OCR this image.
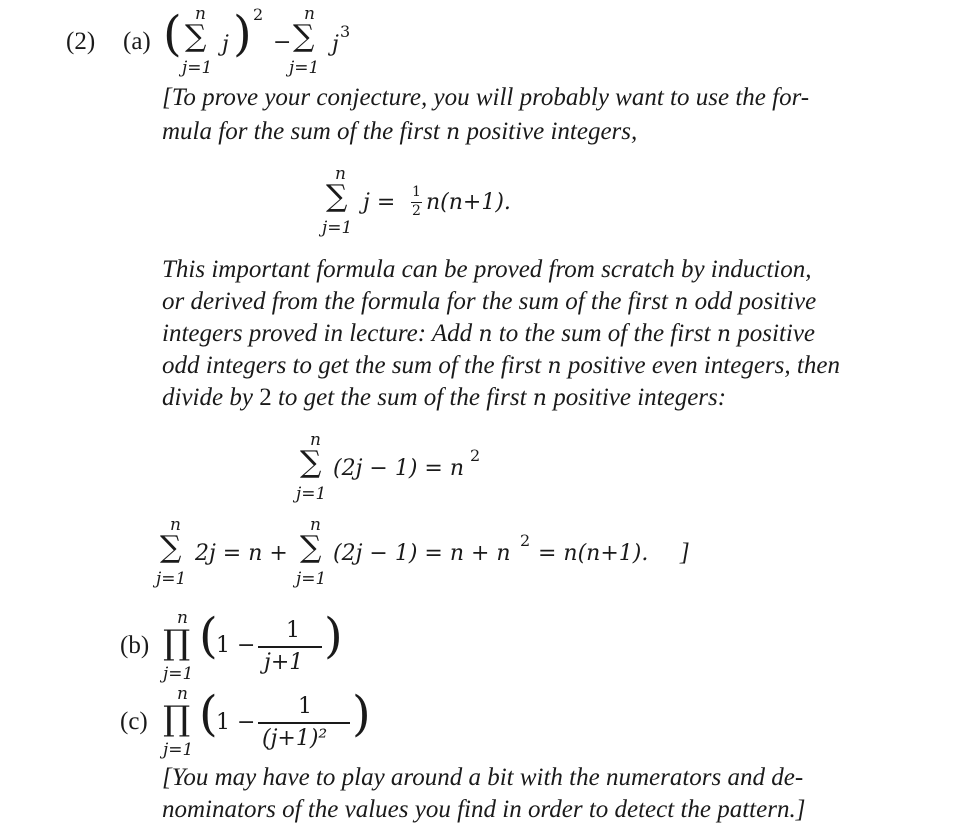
(2) (a) ( n
∑
j=1
j ) 2
−
n
∑
j=1
j
3
[To prove your conjecture, you will probably want to use the for-
mula for the sum of the first n positive integers,
n
∑
j=1
j = 1
2 n(n+1).
This important formula can be proved from scratch by induction,
or derived from the formula for the sum of the first n odd positive
integers proved in lecture: Add n to the sum of the first n positive
odd integers to get the sum of the first n positive even integers, then
divide by 2 to get the sum of the first n positive integers:
n
∑
j=1
(2j − 1) = n
2
n
∑
j=1
2j = n +
n
∑
j=1
(2j − 1) = n + n
2
= n(n+1). ]
(b)
n
∏
j=1
(
1 −
1
j+1 )
(c)
n
∏
j=1
(
1 −
1
(j+1)² )
[You may have to play around a bit with the numerators and de-
nominators of the values you find in order to detect the pattern.]
